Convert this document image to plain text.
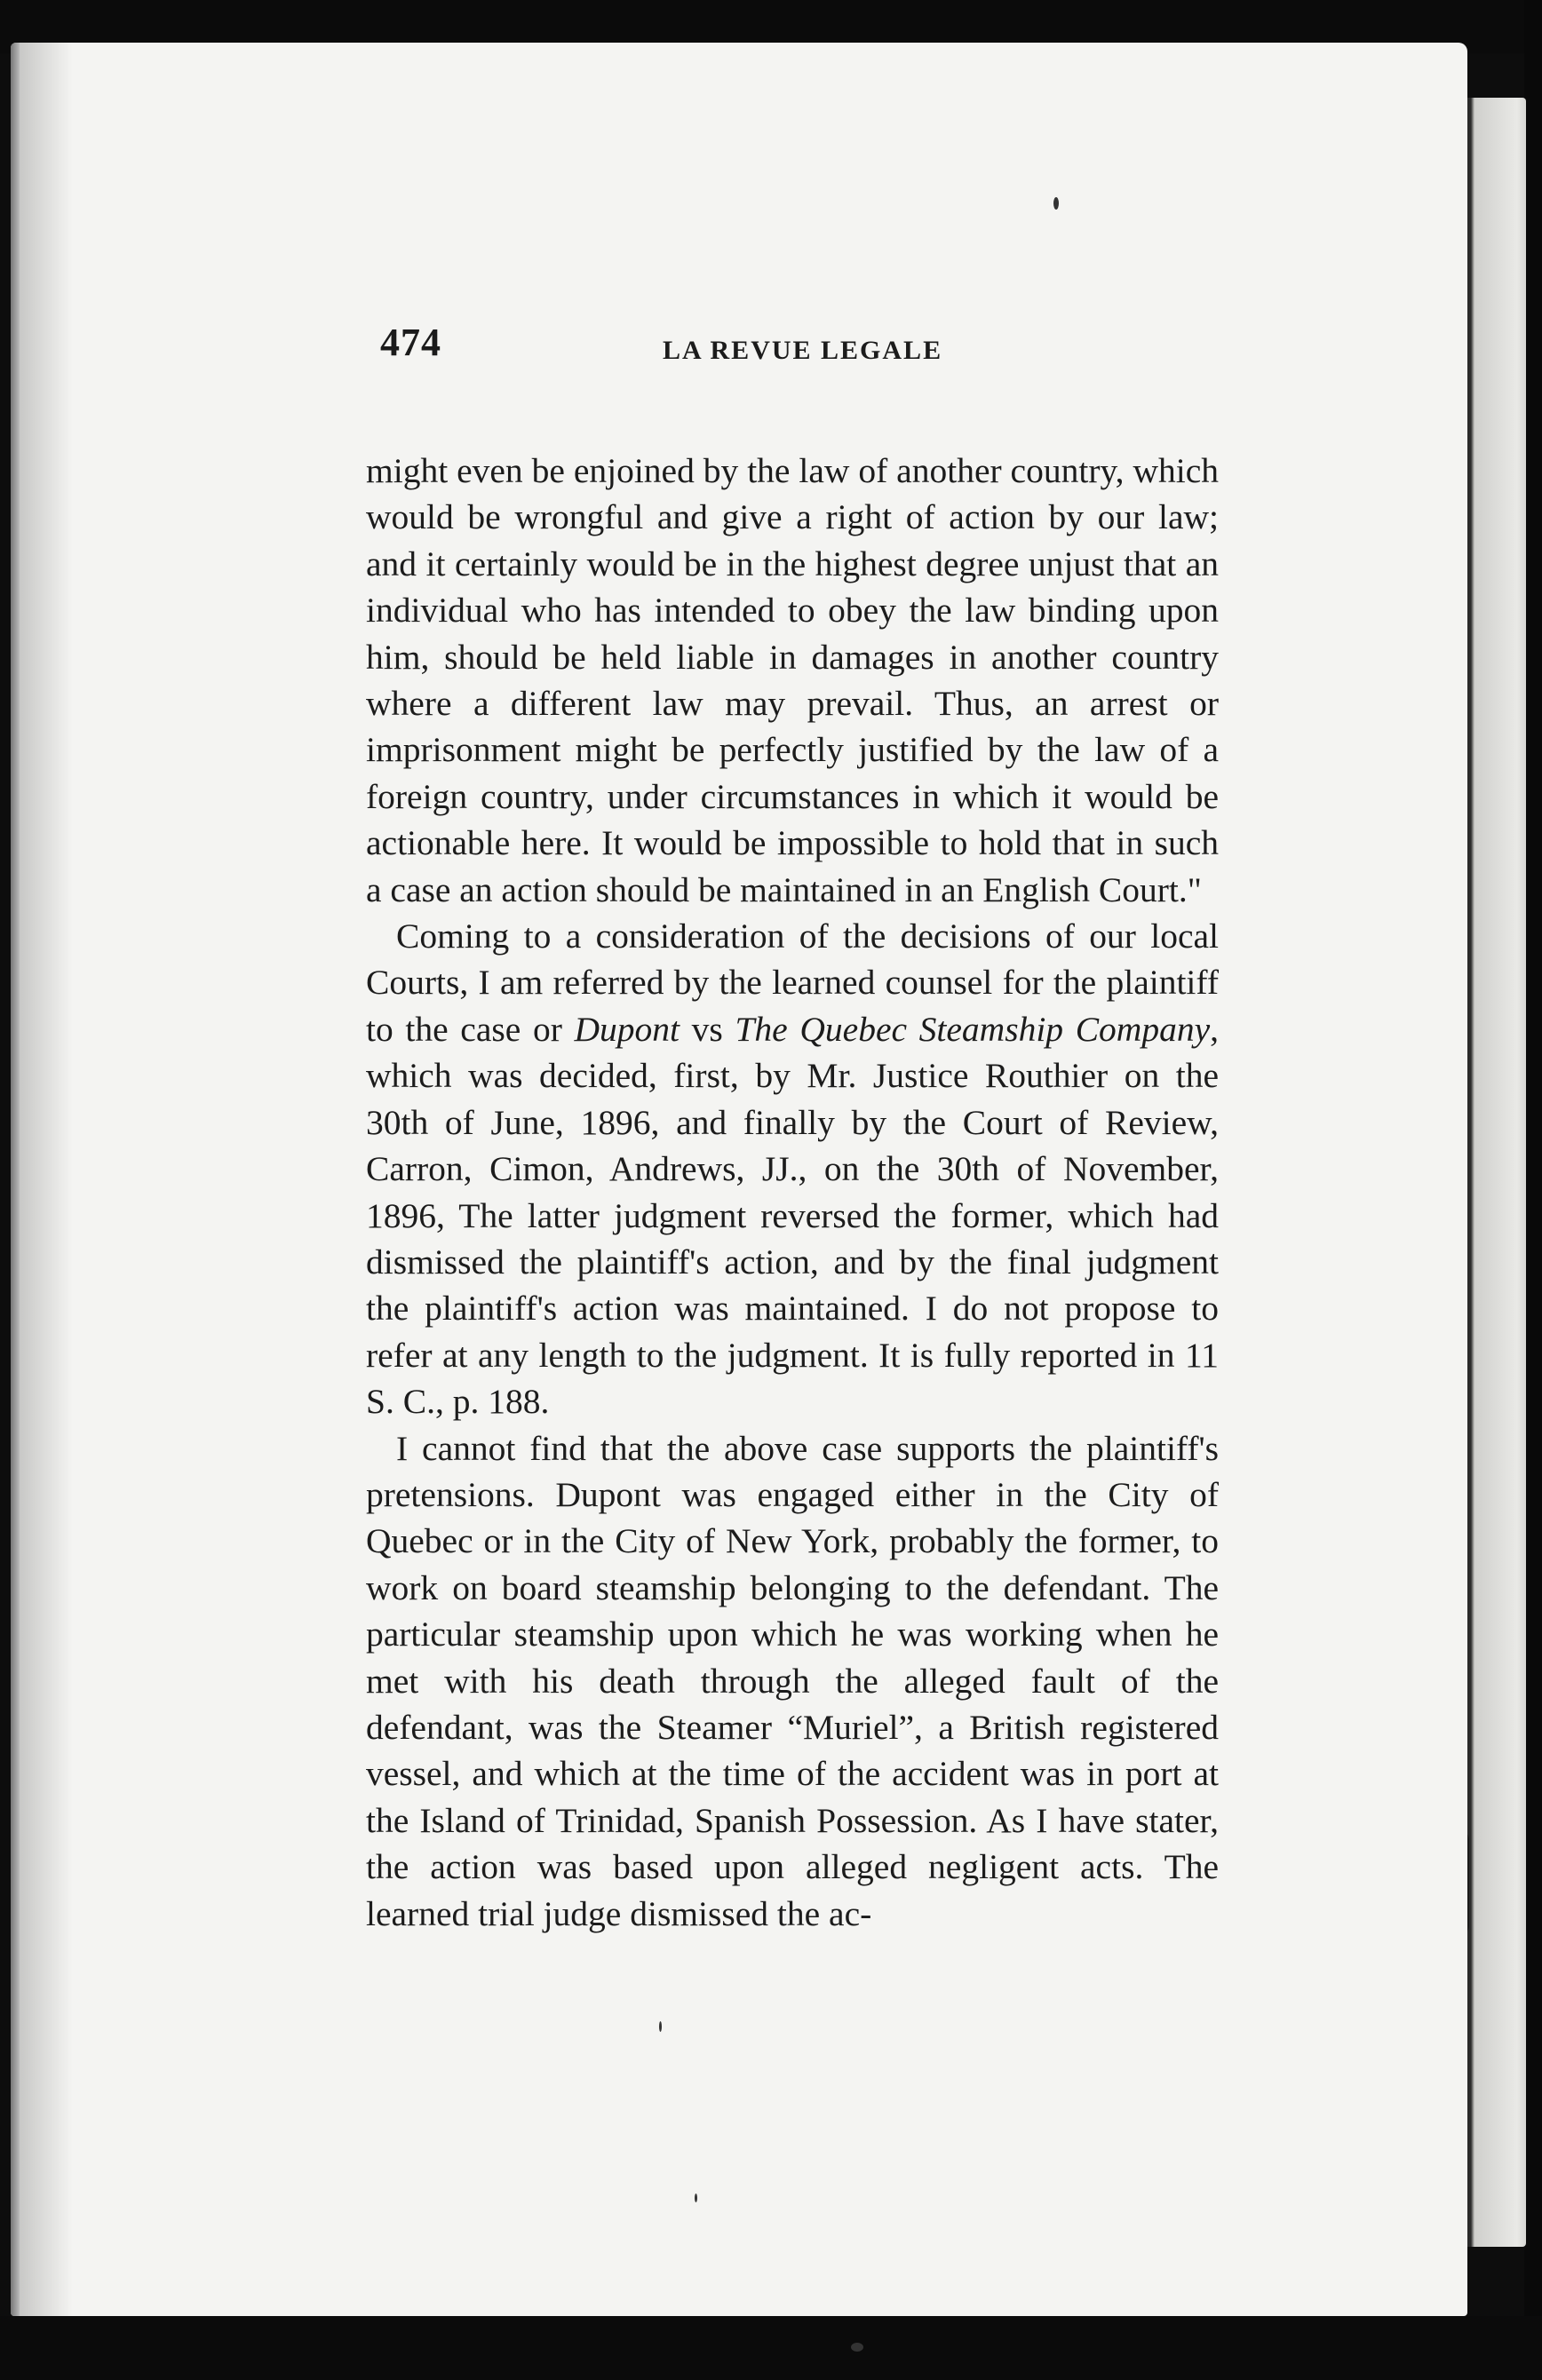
474	LA REVUE LEGALE

might even be enjoined by the law of another country, which would be wrongful and give a right of action by our law; and it certainly would be in the highest degree unjust that an individual who has intended to obey the law binding upon him, should be held liable in damages in another country where a different law may prevail. Thus, an arrest or imprisonment might be perfectly justified by the law of a foreign country, under circumstances in which it would be actionable here. It would be impossible to hold that in such a case an action should be maintained in an English Court."

Coming to a consideration of the decisions of our local Courts, I am referred by the learned counsel for the plaintiff to the case or Dupont vs The Quebec Steamship Company, which was decided, first, by Mr. Justice Routhier on the 30th of June, 1896, and finally by the Court of Review, Carron, Cimon, Andrews, JJ., on the 30th of November, 1896, The latter judgment reversed the former, which had dismissed the plaintiff's action, and by the final judgment the plaintiff's action was maintained. I do not propose to refer at any length to the judgment. It is fully reported in 11 S. C., p. 188.

I cannot find that the above case supports the plaintiff's pretensions. Dupont was engaged either in the City of Quebec or in the City of New York, probably the former, to work on board steamship belonging to the defendant. The particular steamship upon which he was working when he met with his death through the alleged fault of the defendant, was the Steamer “Muriel”, a British registered vessel, and which at the time of the accident was in port at the Island of Trinidad, Spanish Possession. As I have stater, the action was based upon alleged negligent acts. The learned trial judge dismissed the ac-
